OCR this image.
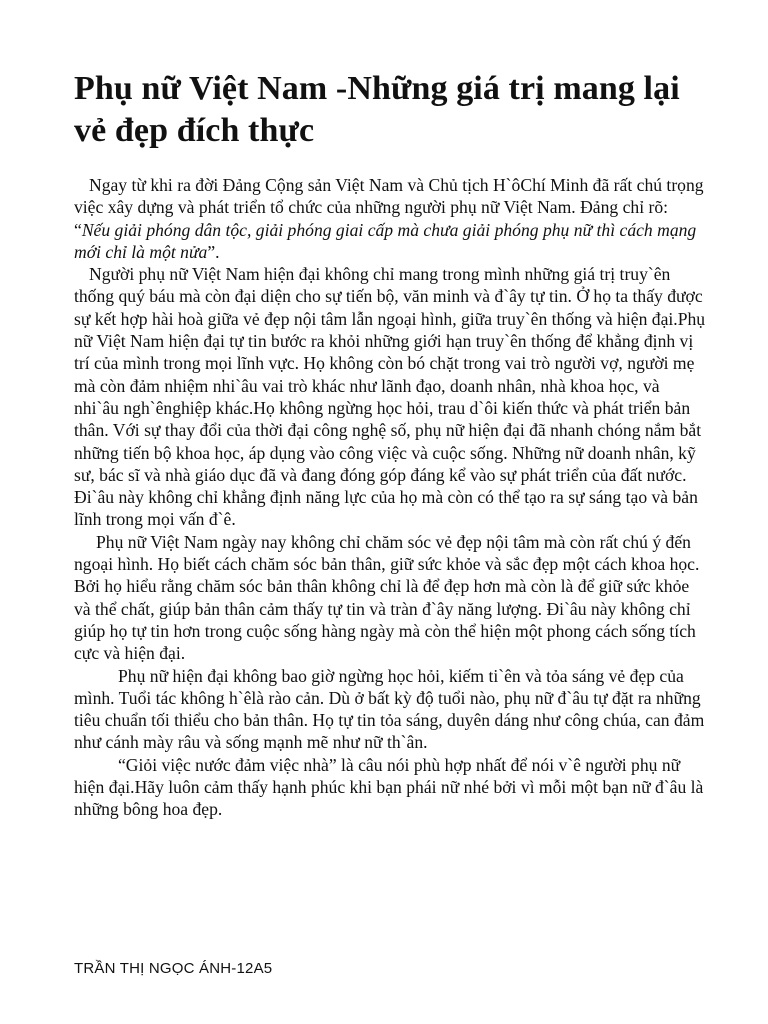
Phụ nữ Việt Nam -Những giá trị mang lại vẻ đẹp đích thực

Ngay từ khi ra đời Đảng Cộng sản Việt Nam và Chủ tịch H`ôChí Minh đã rất chú trọng việc xây dựng và phát triển tổ chức của những người phụ nữ Việt Nam. Đảng chỉ rõ: “Nếu giải phóng dân tộc, giải phóng giai cấp mà chưa giải phóng phụ nữ thì cách mạng mới chỉ là một nửa”.

Người phụ nữ Việt Nam hiện đại không chỉ mang trong mình những giá trị truy`ên thống quý báu mà còn đại diện cho sự tiến bộ, văn minh và đ`ây tự tin. Ở họ ta thấy được sự kết hợp hài hoà giữa vẻ đẹp nội tâm lẫn ngoại hình, giữa truy`ên thống và hiện đại.Phụ nữ Việt Nam hiện đại tự tin bước ra khỏi những giới hạn truy`ên thống để khẳng định vị trí của mình trong mọi lĩnh vực. Họ không còn bó chặt trong vai trò người vợ, người mẹ mà còn đảm nhiệm nhi`âu vai trò khác như lãnh đạo, doanh nhân, nhà khoa học, và nhi`âu ngh`ênghiệp khác.Họ không ngừng học hỏi, trau d`ôi kiến thức và phát triển bản thân. Với sự thay đổi của thời đại công nghệ số, phụ nữ hiện đại đã nhanh chóng nắm bắt những tiến bộ khoa học, áp dụng vào công việc và cuộc sống. Những nữ doanh nhân, kỹ sư, bác sĩ và nhà giáo dục đã và đang đóng góp đáng kể vào sự phát triển của đất nước. Đi`âu này không chỉ khẳng định năng lực của họ mà còn có thể tạo ra sự sáng tạo và bản lĩnh trong mọi vấn đ`ê.

Phụ nữ Việt Nam ngày nay không chỉ chăm sóc vẻ đẹp nội tâm mà còn rất chú ý đến ngoại hình. Họ biết cách chăm sóc bản thân, giữ sức khỏe và sắc đẹp một cách khoa học. Bởi họ hiểu rằng chăm sóc bản thân không chỉ là để đẹp hơn mà còn là để giữ sức khỏe và thể chất, giúp bản thân cảm thấy tự tin và tràn đ`ây năng lượng. Đi`âu này không chỉ giúp họ tự tin hơn trong cuộc sống hàng ngày mà còn thể hiện một phong cách sống tích cực và hiện đại.

Phụ nữ hiện đại không bao giờ ngừng học hỏi, kiếm ti`ên và tỏa sáng vẻ đẹp của mình. Tuổi tác không h`êlà rào cản. Dù ở bất kỳ độ tuổi nào, phụ nữ đ`âu tự đặt ra những tiêu chuẩn tối thiểu cho bản thân. Họ tự tin tỏa sáng, duyên dáng như công chúa, can đảm như cánh mày râu và sống mạnh mẽ như nữ th`ân.

“Giỏi việc nước đảm việc nhà” là câu nói phù hợp nhất để nói v`ê người phụ nữ hiện đại.Hãy luôn cảm thấy hạnh phúc khi bạn phái nữ nhé bởi vì mỗi một bạn nữ đ`âu là những bông hoa đẹp.

TRẦN THỊ NGỌC ÁNH-12A5
